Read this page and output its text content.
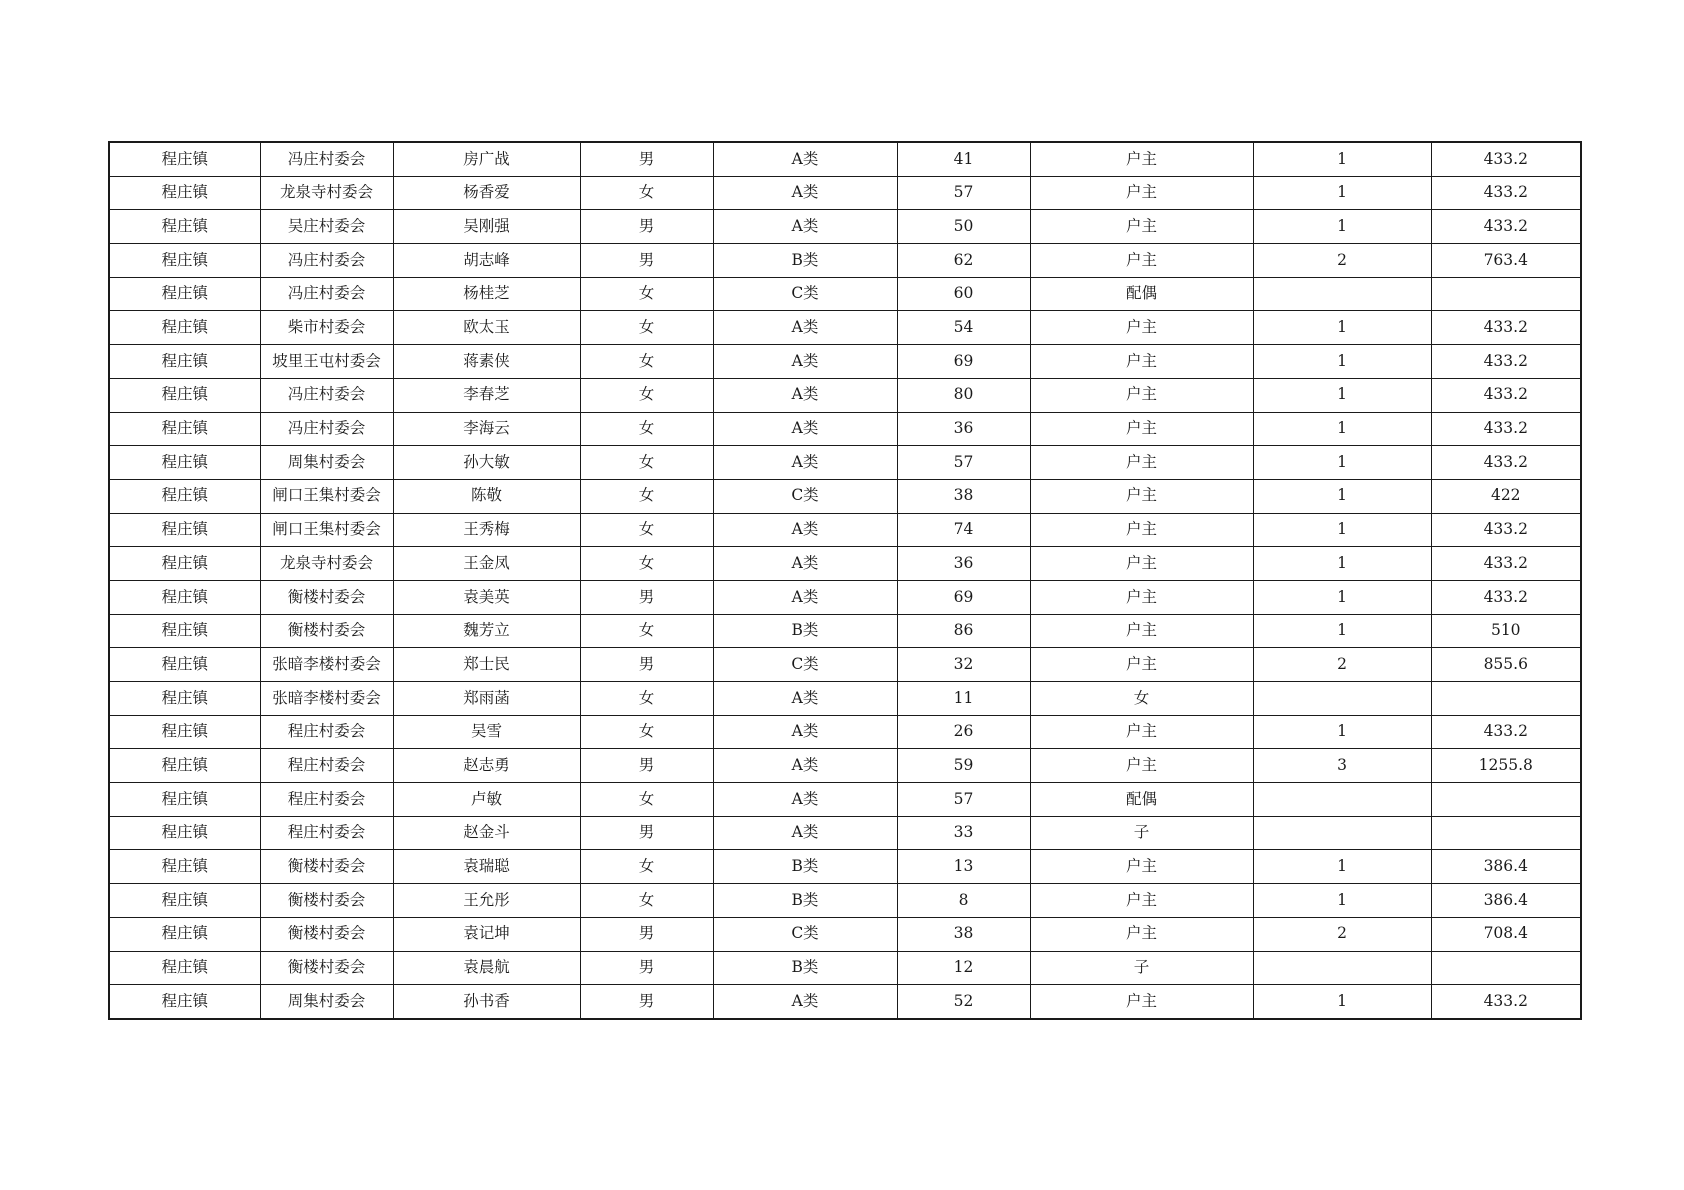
程庄镇	冯庄村委会	房广战	男	A类	41	户主	1	433.2
程庄镇	龙泉寺村委会	杨香爱	女	A类	57	户主	1	433.2
程庄镇	吴庄村委会	吴刚强	男	A类	50	户主	1	433.2
程庄镇	冯庄村委会	胡志峰	男	B类	62	户主	2	763.4
程庄镇	冯庄村委会	杨桂芝	女	C类	60	配偶		
程庄镇	柴市村委会	欧太玉	女	A类	54	户主	1	433.2
程庄镇	坡里王屯村委会	蒋素侠	女	A类	69	户主	1	433.2
程庄镇	冯庄村委会	李春芝	女	A类	80	户主	1	433.2
程庄镇	冯庄村委会	李海云	女	A类	36	户主	1	433.2
程庄镇	周集村委会	孙大敏	女	A类	57	户主	1	433.2
程庄镇	闸口王集村委会	陈敬	女	C类	38	户主	1	422
程庄镇	闸口王集村委会	王秀梅	女	A类	74	户主	1	433.2
程庄镇	龙泉寺村委会	王金凤	女	A类	36	户主	1	433.2
程庄镇	衡楼村委会	袁美英	男	A类	69	户主	1	433.2
程庄镇	衡楼村委会	魏芳立	女	B类	86	户主	1	510
程庄镇	张暗李楼村委会	郑士民	男	C类	32	户主	2	855.6
程庄镇	张暗李楼村委会	郑雨菡	女	A类	11	女		
程庄镇	程庄村委会	吴雪	女	A类	26	户主	1	433.2
程庄镇	程庄村委会	赵志勇	男	A类	59	户主	3	1255.8
程庄镇	程庄村委会	卢敏	女	A类	57	配偶		
程庄镇	程庄村委会	赵金斗	男	A类	33	子		
程庄镇	衡楼村委会	袁瑞聪	女	B类	13	户主	1	386.4
程庄镇	衡楼村委会	王允彤	女	B类	8	户主	1	386.4
程庄镇	衡楼村委会	袁记坤	男	C类	38	户主	2	708.4
程庄镇	衡楼村委会	袁晨航	男	B类	12	子		
程庄镇	周集村委会	孙书香	男	A类	52	户主	1	433.2
